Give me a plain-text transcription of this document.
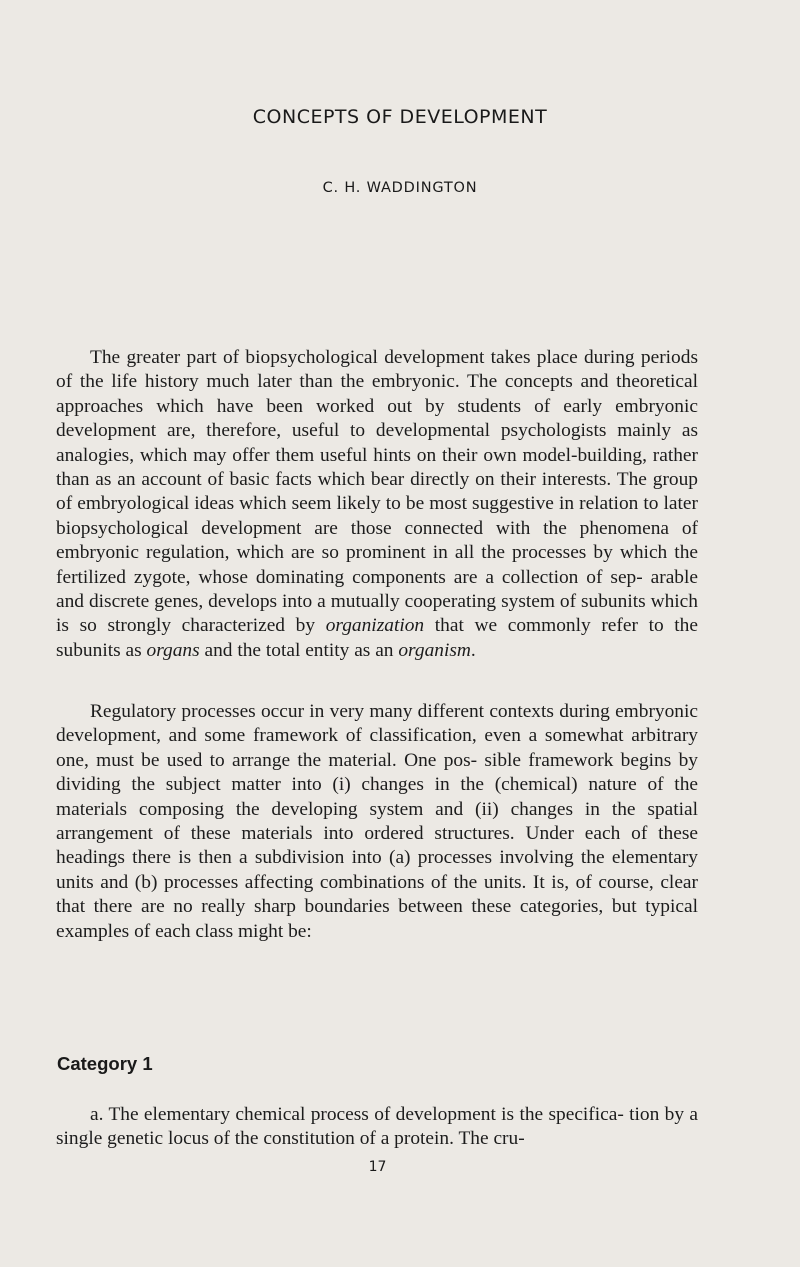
CONCEPTS OF DEVELOPMENT
C. H. WADDINGTON
The greater part of biopsychological development takes place during periods of the life history much later than the embryonic. The concepts and theoretical approaches which have been worked out by students of early embryonic development are, therefore, useful to developmental psychologists mainly as analogies, which may offer them useful hints on their own model-building, rather than as an account of basic facts which bear directly on their interests. The group of embryological ideas which seem likely to be most suggestive in relation to later biopsychological development are those connected with the phenomena of embryonic regulation, which are so prominent in all the processes by which the fertilized zygote, whose dominating components are a collection of sep- arable and discrete genes, develops into a mutually cooperating system of subunits which is so strongly characterized by organization that we commonly refer to the subunits as organs and the total entity as an organism.
Regulatory processes occur in very many different contexts during embryonic development, and some framework of classification, even a somewhat arbitrary one, must be used to arrange the material. One pos- sible framework begins by dividing the subject matter into (i) changes in the (chemical) nature of the materials composing the developing system and (ii) changes in the spatial arrangement of these materials into ordered structures. Under each of these headings there is then a subdivision into (a) processes involving the elementary units and (b) processes affecting combinations of the units. It is, of course, clear that there are no really sharp boundaries between these categories, but typical examples of each class might be:
Category 1
a. The elementary chemical process of development is the specifica- tion by a single genetic locus of the constitution of a protein. The cru-
17
